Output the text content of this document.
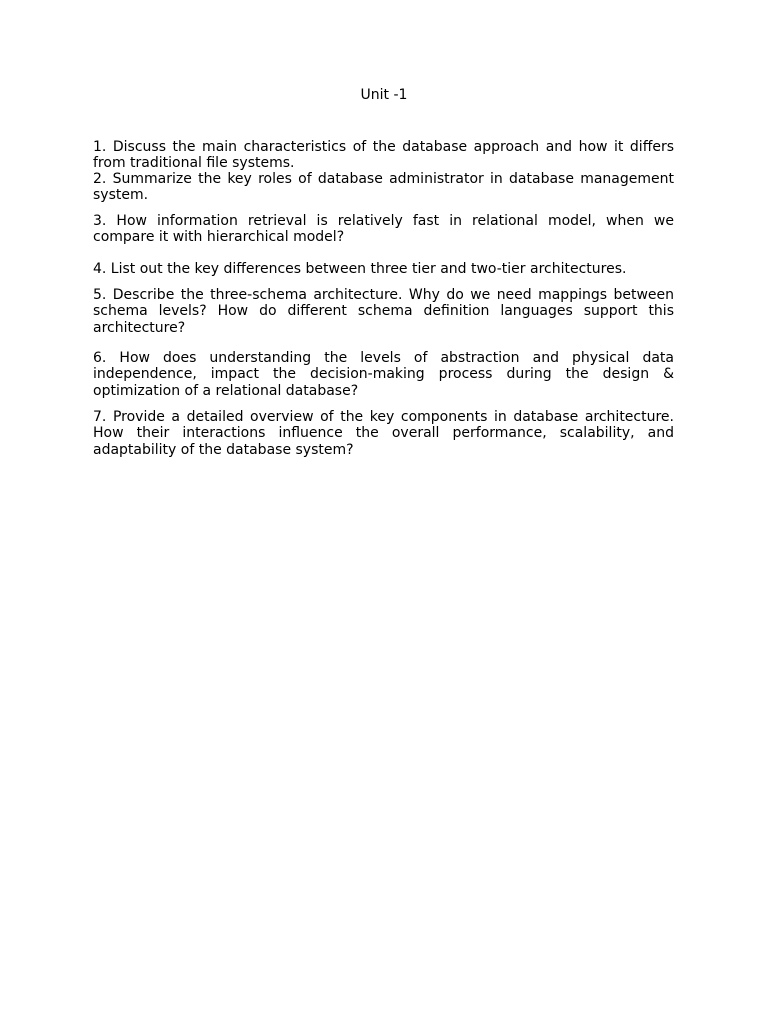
Unit -1

1. Discuss the main characteristics of the database approach and how it differs from traditional file systems.

2. Summarize the key roles of database administrator in database management system.

3. How information retrieval is relatively fast in relational model, when we compare it with hierarchical model?

4. List out the key differences between three tier and two-tier architectures.

5. Describe the three-schema architecture. Why do we need mappings between schema levels? How do different schema definition languages support this architecture?

6. How does understanding the levels of abstraction and physical data independence, impact the decision-making process during the design & optimization of a relational database?

7. Provide a detailed overview of the key components in database architecture. How their interactions influence the overall performance, scalability, and adaptability of the database system?
